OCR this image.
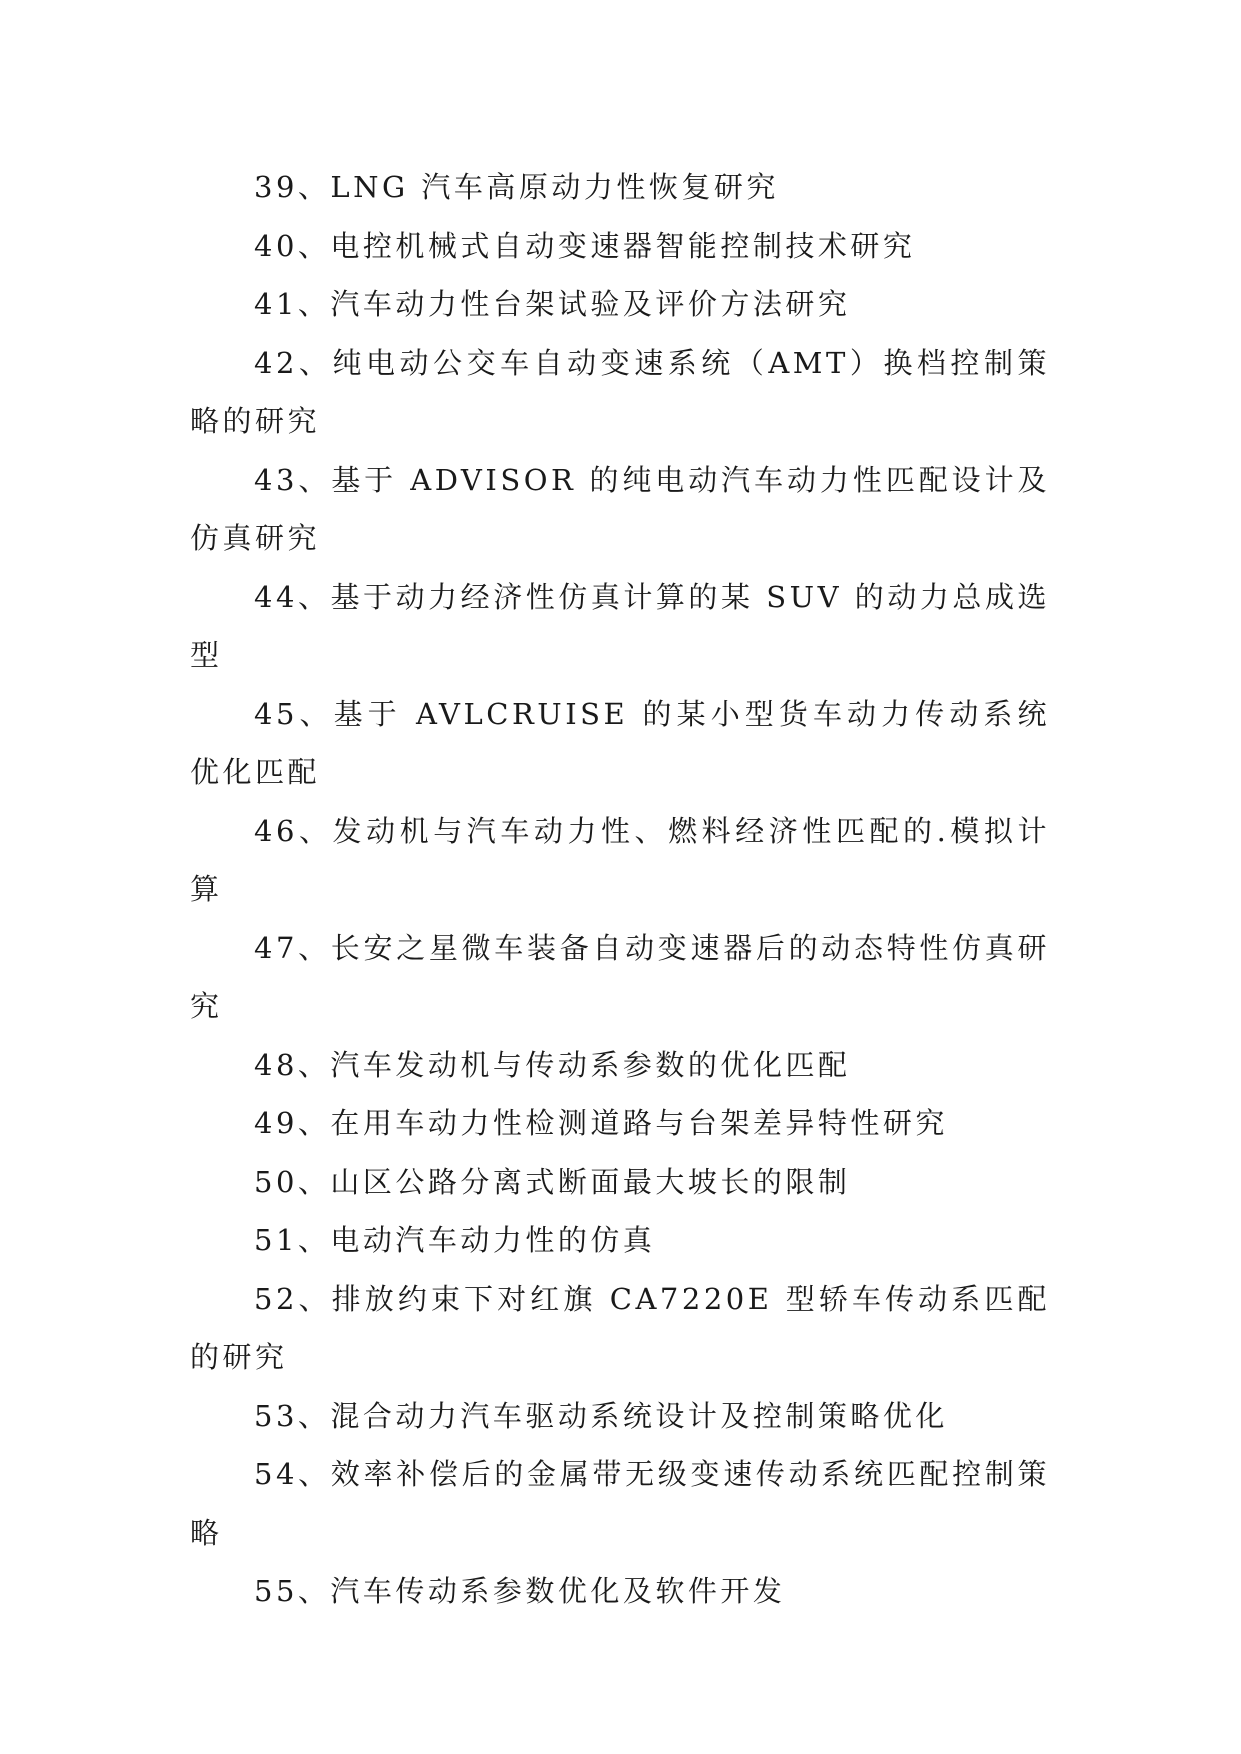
39、LNG 汽车高原动力性恢复研究
40、电控机械式自动变速器智能控制技术研究
41、汽车动力性台架试验及评价方法研究
42、纯电动公交车自动变速系统（AMT）换档控制策略的研究
43、基于 ADVISOR 的纯电动汽车动力性匹配设计及仿真研究
44、基于动力经济性仿真计算的某 SUV 的动力总成选型
45、基于 AVLCRUISE 的某小型货车动力传动系统优化匹配
46、发动机与汽车动力性、燃料经济性匹配的.模拟计算
47、长安之星微车装备自动变速器后的动态特性仿真研究
48、汽车发动机与传动系参数的优化匹配
49、在用车动力性检测道路与台架差异特性研究
50、山区公路分离式断面最大坡长的限制
51、电动汽车动力性的仿真
52、排放约束下对红旗 CA7220E 型轿车传动系匹配的研究
53、混合动力汽车驱动系统设计及控制策略优化
54、效率补偿后的金属带无级变速传动系统匹配控制策略
55、汽车传动系参数优化及软件开发
